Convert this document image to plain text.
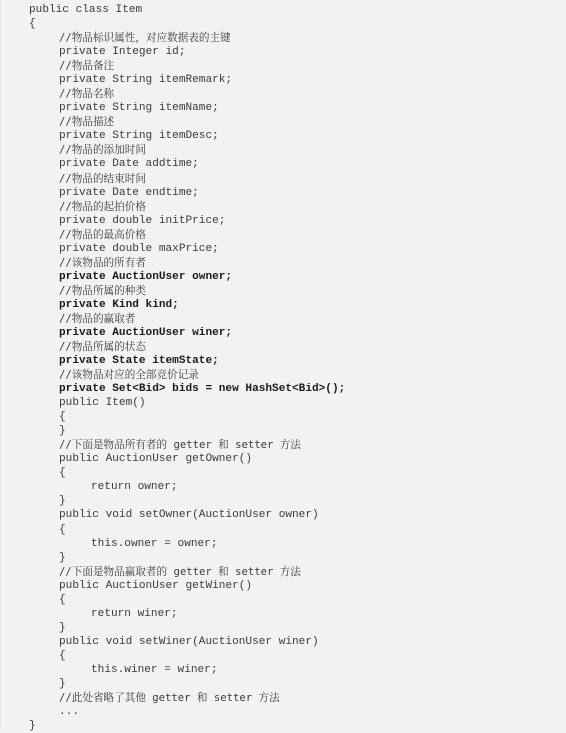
public class Item
{
//物品标识属性，对应数据表的主键
private Integer id;
//物品备注
private String itemRemark;
//物品名称
private String itemName;
//物品描述
private String itemDesc;
//物品的添加时间
private Date addtime;
//物品的结束时间
private Date endtime;
//物品的起拍价格
private double initPrice;
//物品的最高价格
private double maxPrice;
//该物品的所有者
private AuctionUser owner;
//物品所属的种类
private Kind kind;
//物品的赢取者
private AuctionUser winer;
//物品所属的状态
private State itemState;
//该物品对应的全部竞价记录
private Set<Bid> bids = new HashSet<Bid>();
public Item()
{
}
//下面是物品所有者的 getter 和 setter 方法
public AuctionUser getOwner()
{
return owner;
}
public void setOwner(AuctionUser owner)
{
this.owner = owner;
}
//下面是物品赢取者的 getter 和 setter 方法
public AuctionUser getWiner()
{
return winer;
}
public void setWiner(AuctionUser winer)
{
this.winer = winer;
}
//此处省略了其他 getter 和 setter 方法
...
}
